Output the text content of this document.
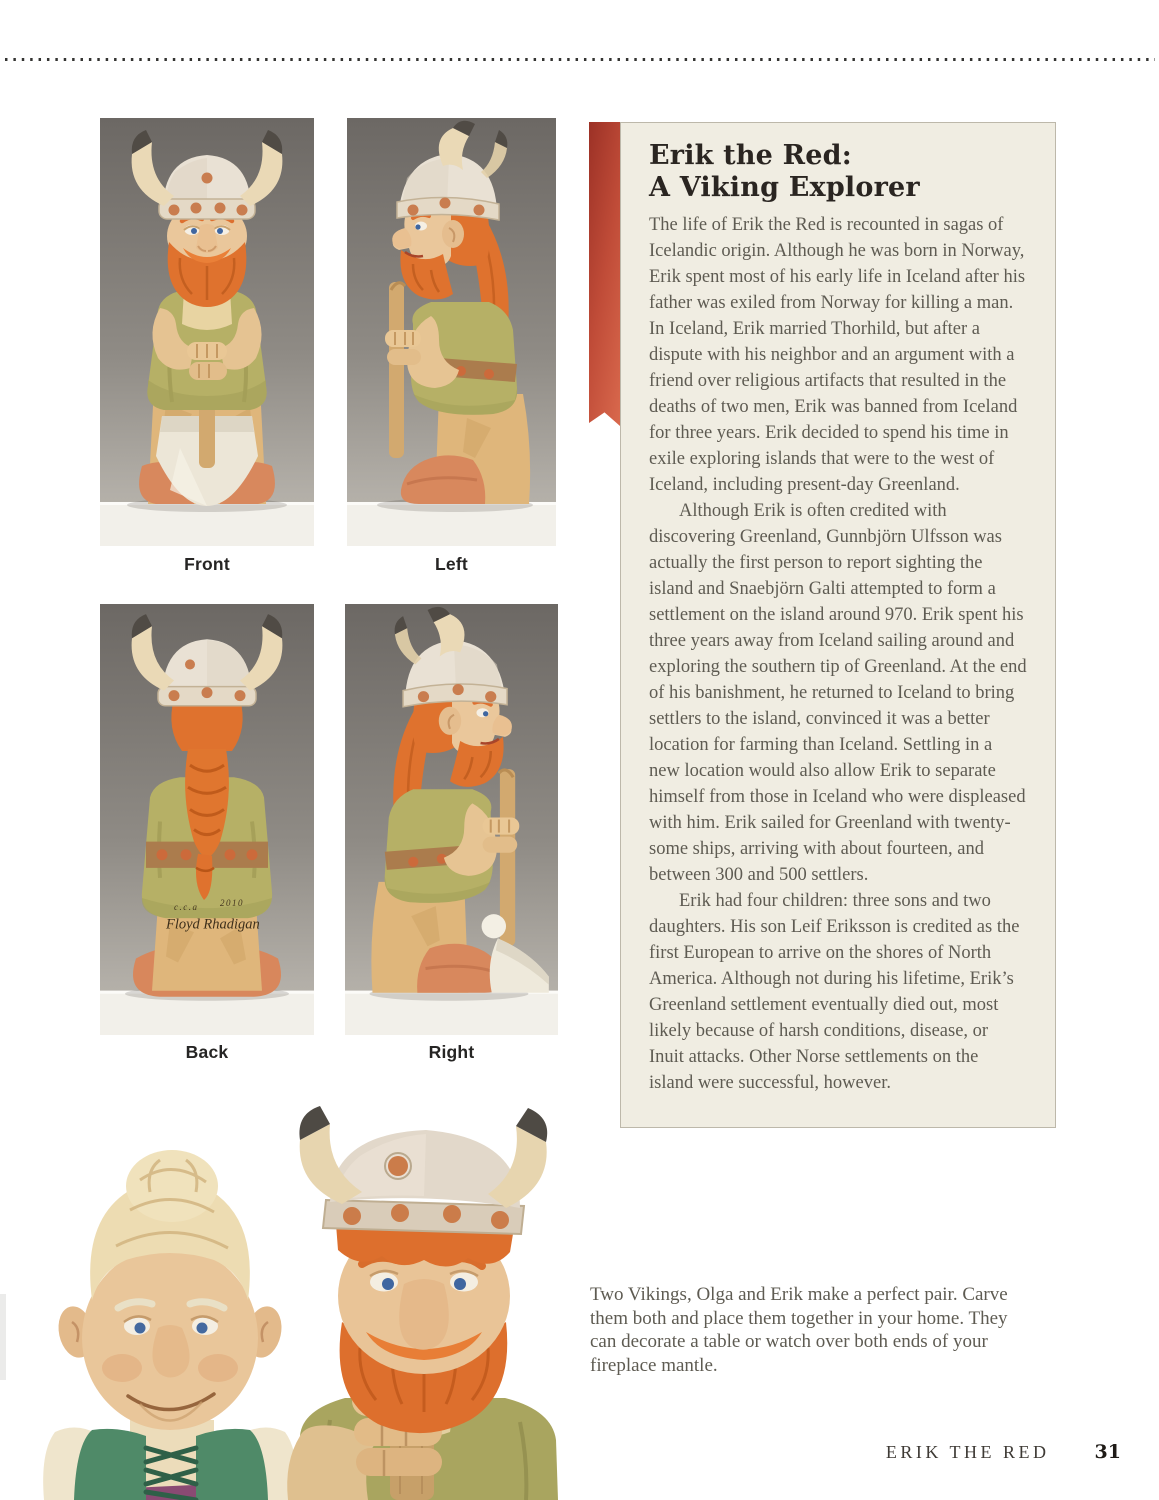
c.c.a 2010
Floyd Rhadigan
Front	Left
Back	Right
Erik the Red:
A Viking Explorer

The life of Erik the Red is recounted in sagas of Icelandic origin. Although he was born in Norway, Erik spent most of his early life in Iceland after his father was exiled from Norway for killing a man. In Iceland, Erik married Thorhild, but after a dispute with his neighbor and an argument with a friend over religious artifacts that resulted in the deaths of two men, Erik was banned from Iceland for three years. Erik decided to spend his time in exile exploring islands that were to the west of Iceland, including present-day Greenland.

Although Erik is often credited with discovering Greenland, Gunnbjörn Ulfsson was actually the first person to report sighting the island and Snaebjörn Galti attempted to form a settlement on the island around 970. Erik spent his three years away from Iceland sailing around and exploring the southern tip of Greenland. At the end of his banishment, he returned to Iceland to bring settlers to the island, convinced it was a better location for farming than Iceland. Settling in a new location would also allow Erik to separate himself from those in Iceland who were displeased with him. Erik sailed for Greenland with twenty-some ships, arriving with about fourteen, and between 300 and 500 settlers.

Erik had four children: three sons and two daughters. His son Leif Eriksson is credited as the first European to arrive on the shores of North America. Although not during his lifetime, Erik’s Greenland settlement eventually died out, most likely because of harsh conditions, disease, or Inuit attacks. Other Norse settlements on the island were successful, however.

Two Vikings, Olga and Erik make a perfect pair. Carve them both and place them together in your home. They can decorate a table or watch over both ends of your fireplace mantle.
ERIK THE RED 31
